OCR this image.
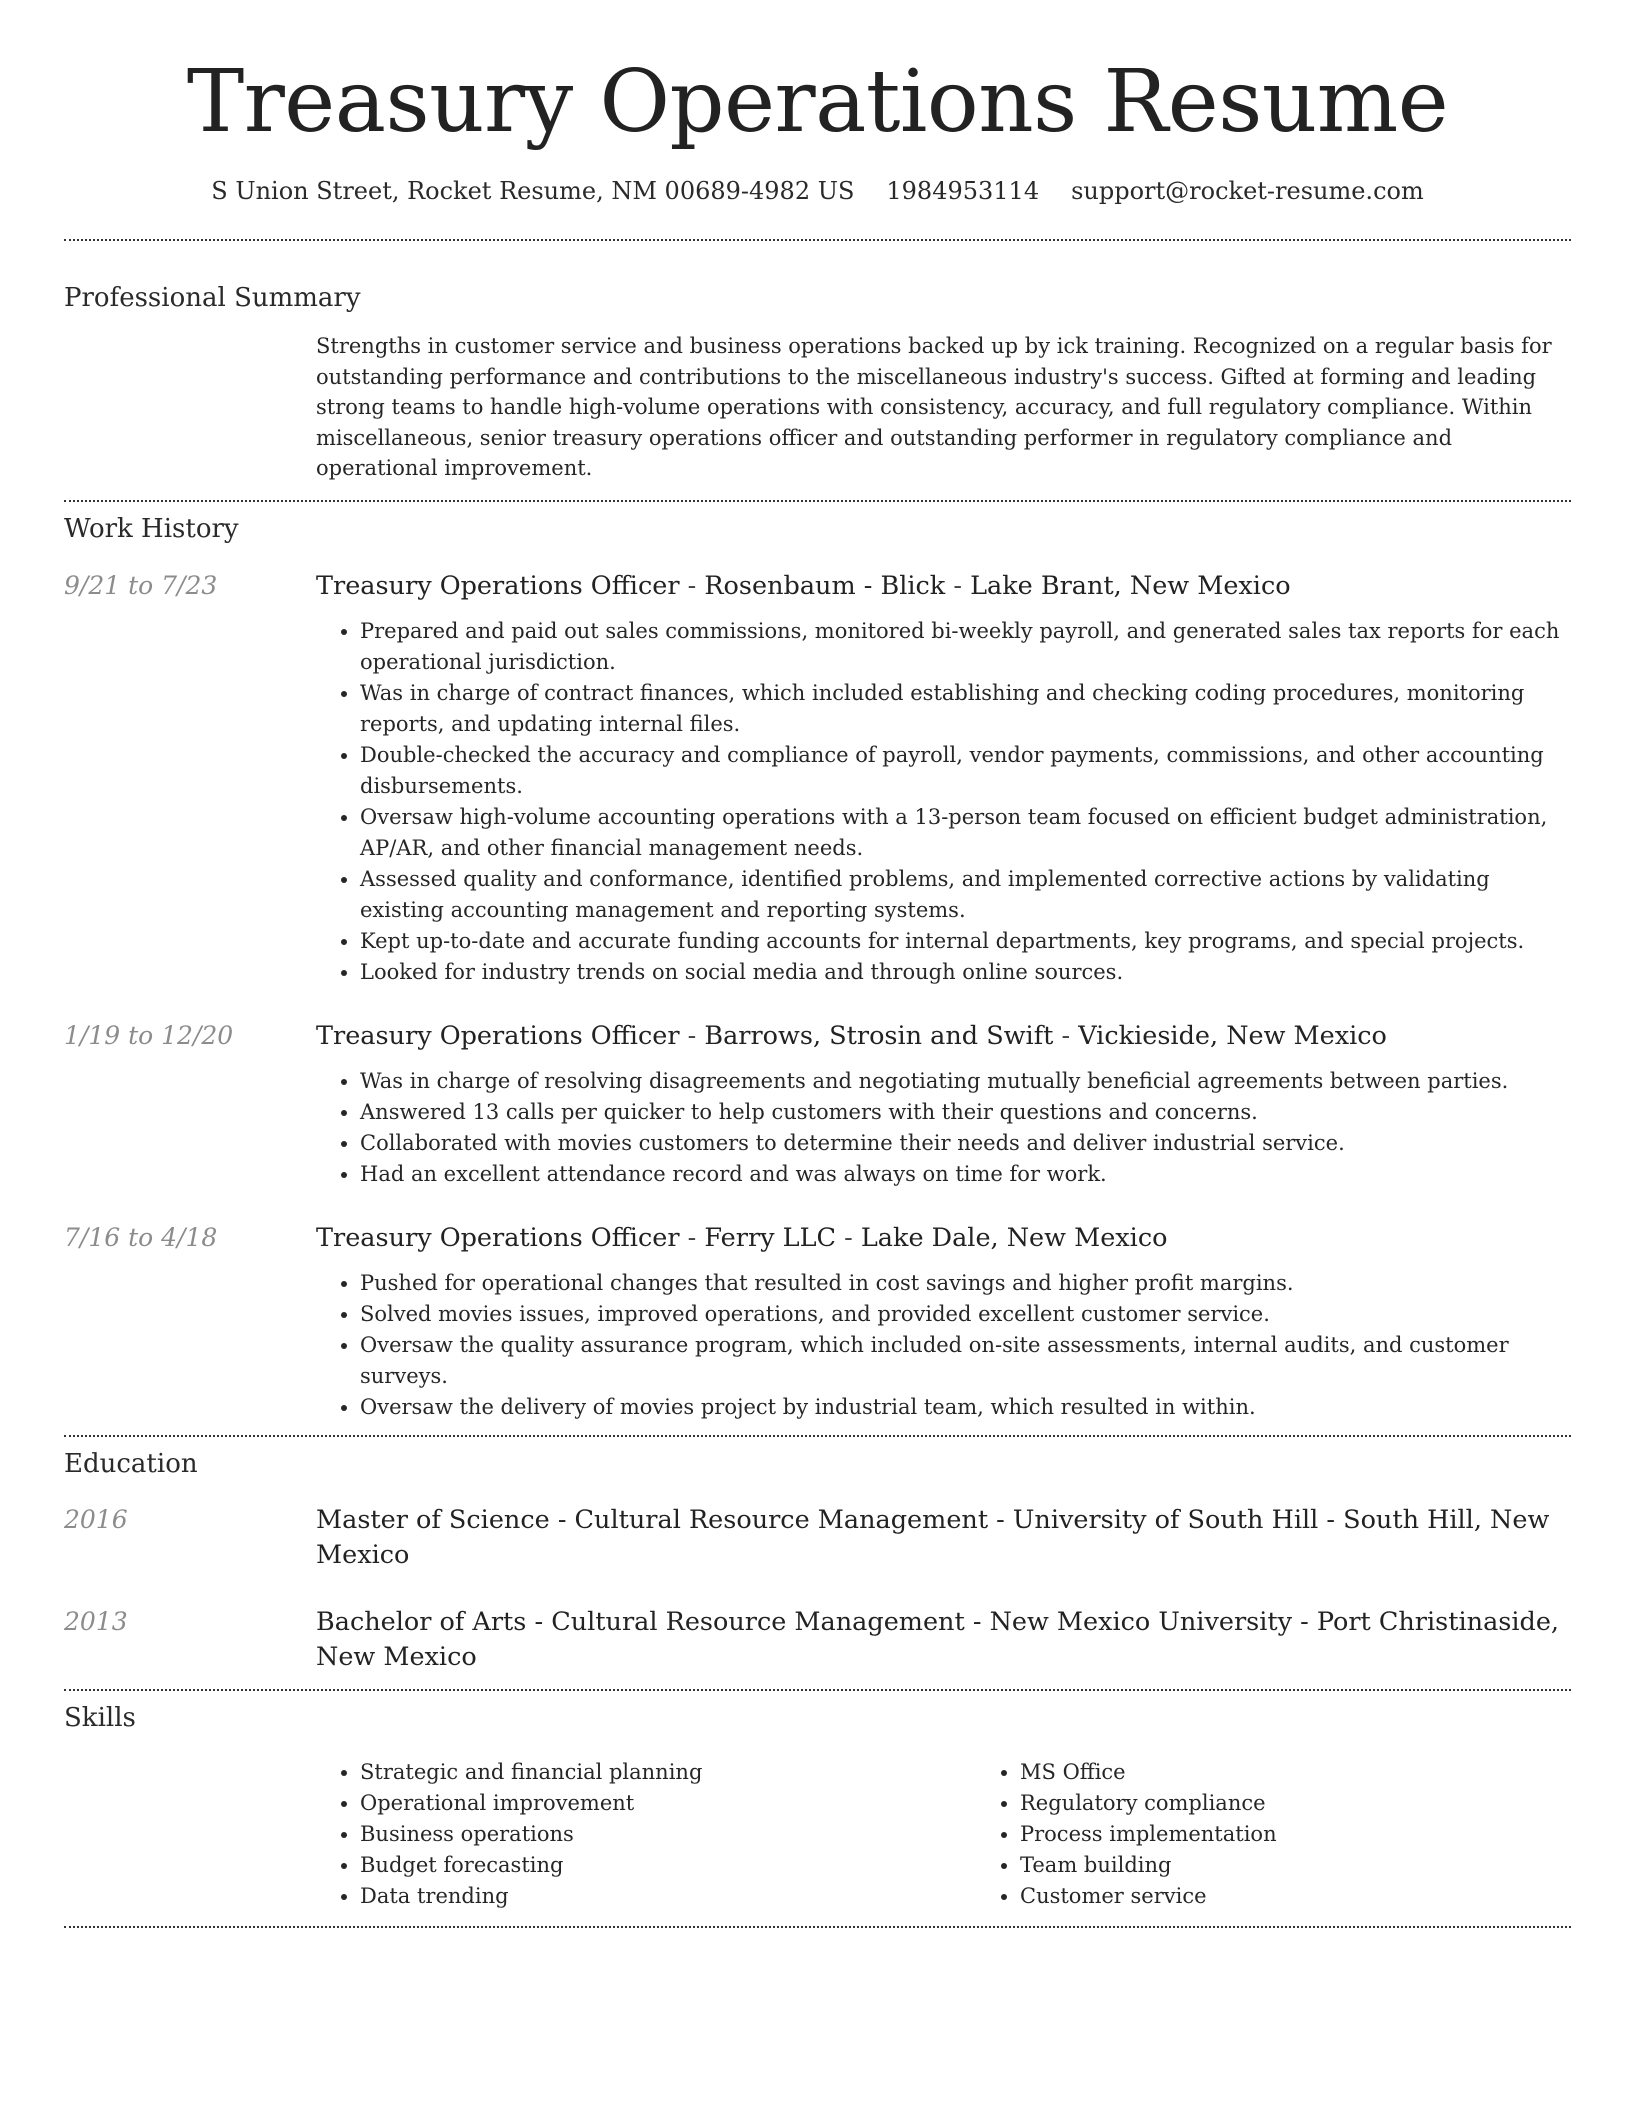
Treasury Operations Resume
S Union Street, Rocket Resume, NM 00689-4982 US 1984953114 support@rocket-resume.com
Professional Summary

Strengths in customer service and business operations backed up by ick training. Recognized on a regular basis for outstanding performance and contributions to the miscellaneous industry's success. Gifted at forming and leading strong teams to handle high-volume operations with consistency, accuracy, and full regulatory compliance. Within miscellaneous, senior treasury operations officer and outstanding performer in regulatory compliance and operational improvement.

Work History
9/21 to 7/23	Treasury Operations Officer - Rosenbaum - Blick - Lake Brant, New Mexico
• Prepared and paid out sales commissions, monitored bi-weekly payroll, and generated sales tax reports for each operational jurisdiction.
• Was in charge of contract finances, which included establishing and checking coding procedures, monitoring reports, and updating internal files.
• Double-checked the accuracy and compliance of payroll, vendor payments, commissions, and other accounting disbursements.
• Oversaw high-volume accounting operations with a 13-person team focused on efficient budget administration, AP/AR, and other financial management needs.
• Assessed quality and conformance, identified problems, and implemented corrective actions by validating existing accounting management and reporting systems.
• Kept up-to-date and accurate funding accounts for internal departments, key programs, and special projects.
• Looked for industry trends on social media and through online sources.
1/19 to 12/20	Treasury Operations Officer - Barrows, Strosin and Swift - Vickieside, New Mexico
• Was in charge of resolving disagreements and negotiating mutually beneficial agreements between parties.
• Answered 13 calls per quicker to help customers with their questions and concerns.
• Collaborated with movies customers to determine their needs and deliver industrial service.
• Had an excellent attendance record and was always on time for work.
7/16 to 4/18	Treasury Operations Officer - Ferry LLC - Lake Dale, New Mexico
• Pushed for operational changes that resulted in cost savings and higher profit margins.
• Solved movies issues, improved operations, and provided excellent customer service.
• Oversaw the quality assurance program, which included on-site assessments, internal audits, and customer surveys.
• Oversaw the delivery of movies project by industrial team, which resulted in within.
Education
2016	Master of Science - Cultural Resource Management - University of South Hill - South Hill, New Mexico
2013	Bachelor of Arts - Cultural Resource Management - New Mexico University - Port Christinaside, New Mexico
Skills
• Strategic and financial planning
• Operational improvement
• Business operations
• Budget forecasting
• Data trending
• MS Office
• Regulatory compliance
• Process implementation
• Team building
• Customer service
